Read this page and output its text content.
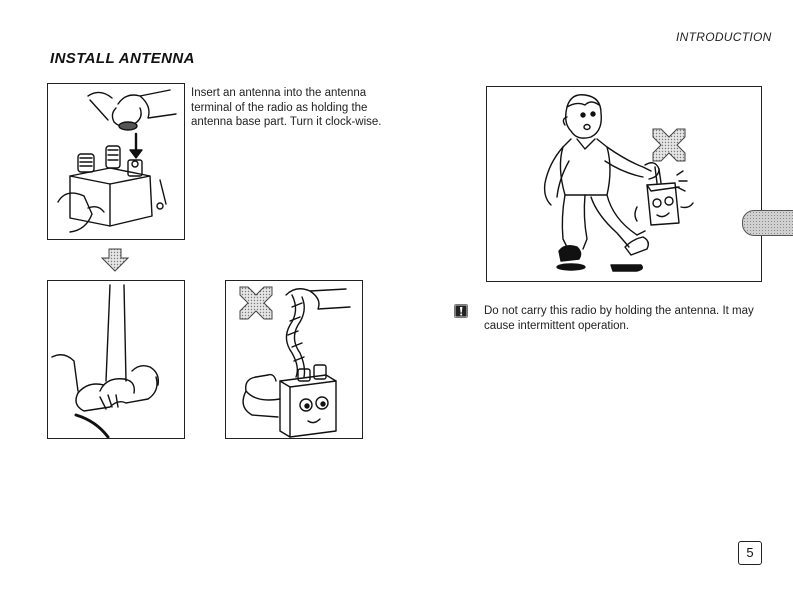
INTRODUCTION
INSTALL ANTENNA
Insert an antenna into the antenna terminal of the radio as holding the antenna base part. Turn it clock-wise.
Do not carry this radio by holding the antenna. It may cause intermittent operation.
5
